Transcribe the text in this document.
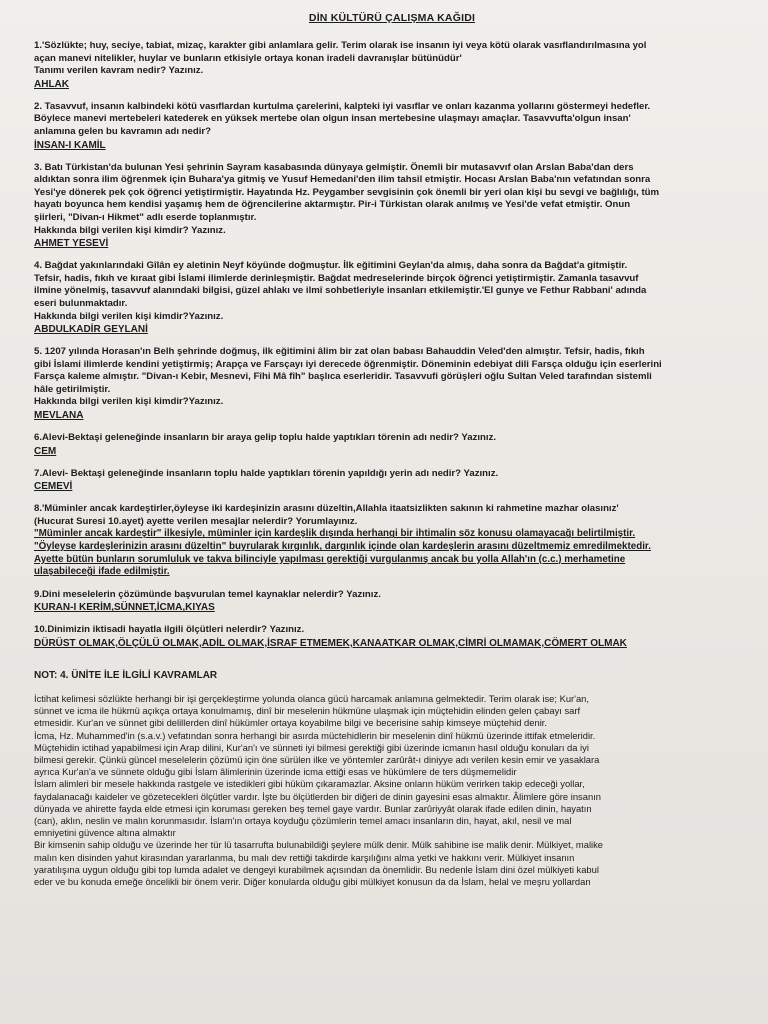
DİN KÜLTÜRÜ ÇALIŞMA KAĞIDI

1.'Sözlükte; huy, seciye, tabiat, mizaç, karakter gibi anlamlara gelir. Terim olarak ise insanın iyi veya kötü olarak vasıflandırılmasına yol

açan manevi nitelikler, huylar ve bunların etkisiyle ortaya konan iradeli davranışlar bütünüdür'

Tanımı verilen kavram nedir? Yazınız.

AHLAK

2. Tasavvuf, insanın kalbindeki kötü vasıflardan kurtulma çarelerini, kalpteki iyi vasıflar ve onları kazanma yollarını göstermeyi hedefler.

Böylece manevi mertebeleri katederek en yüksek mertebe olan olgun insan mertebesine ulaşmayı amaçlar. Tasavvufta'olgun insan'

anlamına gelen bu kavramın adı nedir?

İNSAN-I KAMİL

3. Batı Türkistan'da bulunan Yesi şehrinin Sayram kasabasında dünyaya gelmiştir. Önemli bir mutasavvıf olan Arslan Baba'dan ders

aldıktan sonra ilim öğrenmek için Buhara'ya gitmiş ve Yusuf Hemedani'den ilim tahsil etmiştir. Hocası Arslan Baba'nın vefatından sonra

Yesi'ye dönerek pek çok öğrenci yetiştirmiştir. Hayatında Hz. Peygamber sevgisinin çok önemli bir yeri olan kişi bu sevgi ve bağlılığı, tüm

hayatı boyunca hem kendisi yaşamış hem de öğrencilerine aktarmıştır. Pir-i Türkistan olarak anılmış ve Yesi'de vefat etmiştir. Onun

şiirleri, "Divan-ı Hikmet" adlı eserde toplanmıştır.

Hakkında bilgi verilen kişi kimdir? Yazınız.

AHMET YESEVİ

4. Bağdat yakınlarındaki Gîlân ey aletinin Neyf köyünde doğmuştur. İlk eğitimini Geylan'da almış, daha sonra da Bağdat'a gitmiştir.

Tefsir, hadis, fıkıh ve kıraat gibi İslami ilimlerde derinleşmiştir. Bağdat medreselerinde birçok öğrenci yetiştirmiştir. Zamanla tasavvuf

ilmine yönelmiş, tasavvuf alanındaki bilgisi, güzel ahlakı ve ilmî sohbetleriyle insanları etkilemiştir.'El gunye ve Fethur Rabbani' adında

eseri bulunmaktadır.

Hakkında bilgi verilen kişi kimdir?Yazınız.

ABDULKADİR GEYLANİ

5. 1207 yılında Horasan'ın Belh şehrinde doğmuş, ilk eğitimini âlim bir zat olan babası Bahauddin Veled'den almıştır. Tefsir, hadis, fıkıh

gibi İslami ilimlerde kendini yetiştirmiş; Arapça ve Farsçayı iyi derecede öğrenmiştir. Döneminin edebiyat dili Farsça olduğu için eserlerini

Farsça kaleme almıştır. "Divan-ı Kebir, Mesnevi, Fîhi Mâ fîh" başlıca eserleridir. Tasavvufi görüşleri oğlu Sultan Veled tarafından sistemli

hâle getirilmiştir.

Hakkında bilgi verilen kişi kimdir?Yazınız.

MEVLANA

6.Alevi-Bektaşi geleneğinde insanların bir araya gelip toplu halde yaptıkları törenin adı nedir? Yazınız.

CEM

7.Alevi- Bektaşi geleneğinde insanların toplu halde yaptıkları törenin yapıldığı yerin adı nedir? Yazınız.

CEMEVİ

8.'Müminler ancak kardeştirler,öyleyse iki kardeşinizin arasını düzeltin,Allahla itaatsizlikten sakının ki rahmetine mazhar olasınız'

(Hucurat Suresi 10.ayet) ayette verilen mesajlar nelerdir? Yorumlayınız.

"Müminler ancak kardeştir" ilkesiyle, müminler için kardeşlik dışında herhangi bir ihtimalin söz konusu olamayacağı belirtilmiştir.

"Öyleyse kardeşlerinizin arasını düzeltin" buyrularak kırgınlık, dargınlık içinde olan kardeşlerin arasını düzeltmemiz emredilmektedir.

Ayette bütün bunların sorumluluk ve takva bilinciyle yapılması gerektiği vurgulanmış ancak bu yolla Allah'ın (c.c.) merhametine

ulaşabileceği ifade edilmiştir.

9.Dini meselelerin çözümünde başvurulan temel kaynaklar nelerdir? Yazınız.

KURAN-I KERİM,SÜNNET,İCMA,KIYAS

10.Dinimizin iktisadi hayatla ilgili ölçütleri nelerdir? Yazınız.

DÜRÜST OLMAK,ÖLÇÜLÜ OLMAK,ADİL OLMAK,İSRAF ETMEMEK,KANAATKAR OLMAK,CİMRİ OLMAMAK,CÖMERT OLMAK

NOT: 4. ÜNİTE İLE İLGİLİ KAVRAMLAR

İctihat kelimesi sözlükte herhangi bir işi gerçekleştirme yolunda olanca gücü harcamak anlamına gelmektedir. Terim olarak ise; Kur'an,

sünnet ve icma ile hükmü açıkça ortaya konulmamış, dinî bir meselenin hükmüne ulaşmak için müçtehidin elinden gelen çabayı sarf

etmesidir. Kur'an ve sünnet gibi delillerden dinî hükümler ortaya koyabilme bilgi ve becerisine sahip kimseye müçtehid denir.

İcma, Hz. Muhammed'in (s.a.v.) vefatından sonra herhangi bir asırda müctehidlerin bir meselenin dinî hükmü üzerinde ittifak etmeleridir.

Müçtehidin ictihad yapabilmesi için Arap dilini, Kur'an'ı ve sünneti iyi bilmesi gerektiği gibi üzerinde icmanın hasıl olduğu konuları da iyi

bilmesi gerekir. Çünkü güncel meselelerin çözümü için öne sürülen ilke ve yöntemler zarûrât-ı diniyye adı verilen kesin emir ve yasaklara

ayrıca Kur'an'a ve sünnete olduğu gibi İslam âlimlerinin üzerinde icma ettiği esas ve hükümlere de ters düşmemelidir

İslam alimleri bir mesele hakkında rastgele ve istedikleri gibi hüküm çıkaramazlar. Aksine onların hüküm verirken takip edeceği yollar,

faydalanacağı kaideler ve gözetecekleri ölçütler vardır. İşte bu ölçütlerden bir diğeri de dinin gayesini esas almaktır. Âlimlere göre insanın

dünyada ve ahirette fayda elde etmesi için koruması gereken beş temel gaye vardır. Bunlar zarûriyyât olarak ifade edilen dinin, hayatın

(can), aklın, neslin ve malın korunmasıdır. İslam'ın ortaya koyduğu çözümlerin temel amacı insanların din, hayat, akıl, nesil ve mal

emniyetini güvence altına almaktır

Bir kimsenin sahip olduğu ve üzerinde her tür lü tasarrufta bulunabildiği şeylere mülk denir. Mülk sahibine ise malik denir. Mülkiyet, malike

malın ken disinden yahut kirasından yararlanma, bu malı dev rettiği takdirde karşılığını alma yetki ve hakkını verir. Mülkiyet insanın

yaratılışına uygun olduğu gibi top lumda adalet ve dengeyi kurabilmek açısından da önemlidir. Bu nedenle İslam dini özel mülkiyeti kabul

eder ve bu konuda emeğe öncelikli bir önem verir. Diğer konularda olduğu gibi mülkiyet konusun da da İslam, helal ve meşru yollardan
